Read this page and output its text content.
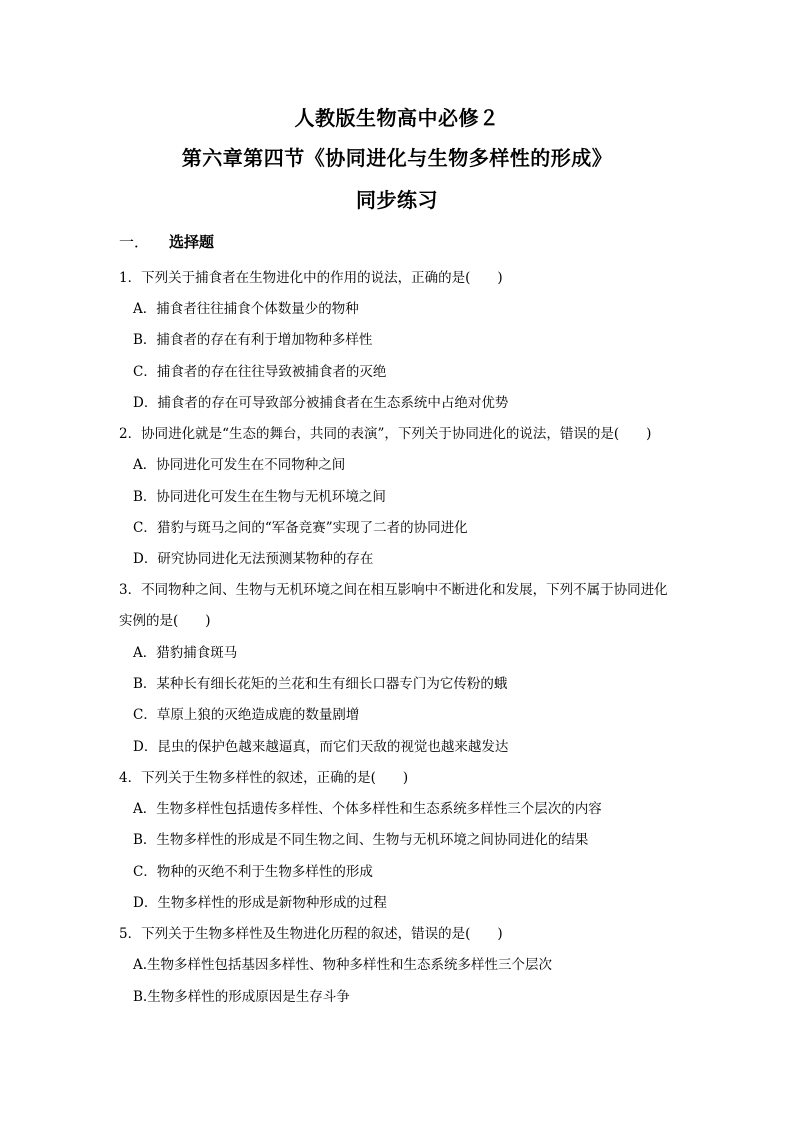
人教版生物高中必修２
第六章第四节《协同进化与生物多样性的形成》
同步练习
一． 选择题
1．下列关于捕食者在生物进化中的作用的说法，正确的是(　　)
A．捕食者往往捕食个体数量少的物种
B．捕食者的存在有利于增加物种多样性
C．捕食者的存在往往导致被捕食者的灭绝
D．捕食者的存在可导致部分被捕食者在生态系统中占绝对优势
2．协同进化就是“生态的舞台，共同的表演”，下列关于协同进化的说法，错误的是(　　)
A．协同进化可发生在不同物种之间
B．协同进化可发生在生物与无机环境之间
C．猎豹与斑马之间的“军备竞赛”实现了二者的协同进化
D．研究协同进化无法预测某物种的存在
3．不同物种之间、生物与无机环境之间在相互影响中不断进化和发展，下列不属于协同进化实例的是(　　)
A．猎豹捕食斑马
B．某种长有细长花矩的兰花和生有细长口器专门为它传粉的蛾
C．草原上狼的灭绝造成鹿的数量剧增
D．昆虫的保护色越来越逼真，而它们天敌的视觉也越来越发达
4．下列关于生物多样性的叙述，正确的是(　　)
A．生物多样性包括遗传多样性、个体多样性和生态系统多样性三个层次的内容
B．生物多样性的形成是不同生物之间、生物与无机环境之间协同进化的结果
C．物种的灭绝不利于生物多样性的形成
D．生物多样性的形成是新物种形成的过程
5．下列关于生物多样性及生物进化历程的叙述，错误的是(　　)
A.生物多样性包括基因多样性、物种多样性和生态系统多样性三个层次
B.生物多样性的形成原因是生存斗争
